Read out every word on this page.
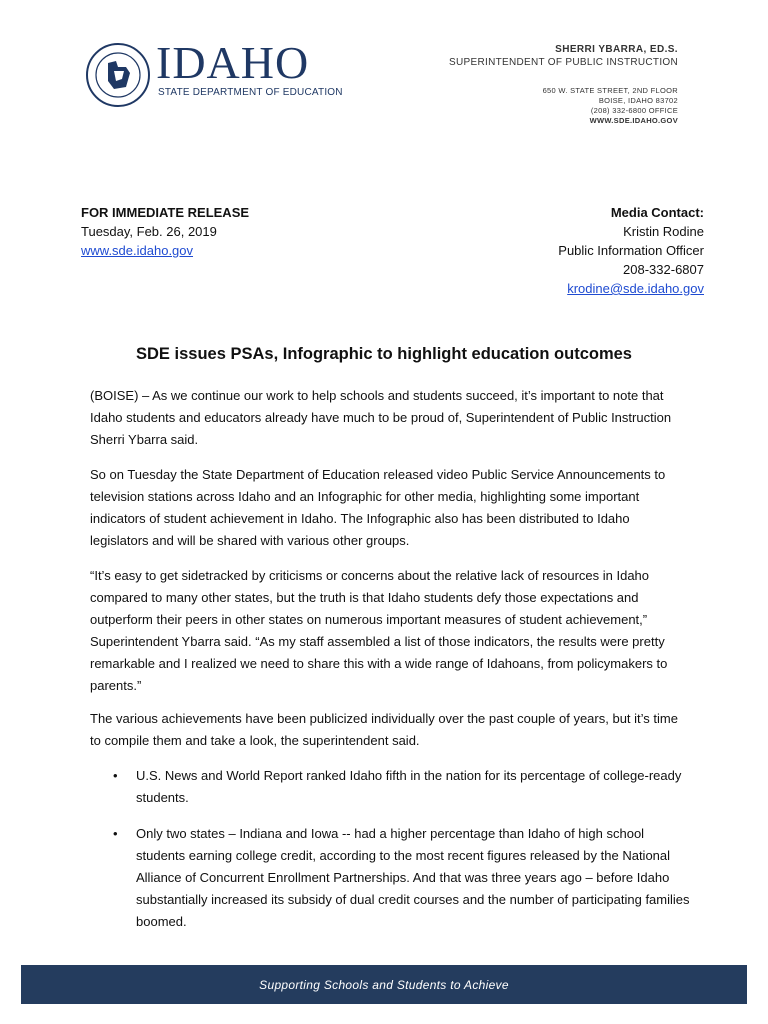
IDAHO
STATE DEPARTMENT OF EDUCATION
SHERRI YBARRA, ED.S.
SUPERINTENDENT OF PUBLIC INSTRUCTION
650 W. STATE STREET, 2ND FLOOR
BOISE, IDAHO 83702
(208) 332-6800 OFFICE
WWW.SDE.IDAHO.GOV
FOR IMMEDIATE RELEASE
Tuesday, Feb. 26, 2019
www.sde.idaho.gov
Media Contact:
Kristin Rodine
Public Information Officer
208-332-6807
krodine@sde.idaho.gov
SDE issues PSAs, Infographic to highlight education outcomes

(BOISE) – As we continue our work to help schools and students succeed, it’s important to note that Idaho students and educators already have much to be proud of, Superintendent of Public Instruction Sherri Ybarra said.

So on Tuesday the State Department of Education released video Public Service Announcements to television stations across Idaho and an Infographic for other media, highlighting some important indicators of student achievement in Idaho. The Infographic also has been distributed to Idaho legislators and will be shared with various other groups.

“It’s easy to get sidetracked by criticisms or concerns about the relative lack of resources in Idaho compared to many other states, but the truth is that Idaho students defy those expectations and outperform their peers in other states on numerous important measures of student achievement,” Superintendent Ybarra said. “As my staff assembled a list of those indicators, the results were pretty remarkable and I realized we need to share this with a wide range of Idahoans, from policymakers to parents.”

The various achievements have been publicized individually over the past couple of years, but it’s time to compile them and take a look, the superintendent said.

•	U.S. News and World Report ranked Idaho fifth in the nation for its percentage of college-ready students.
•	Only two states – Indiana and Iowa -- had a higher percentage than Idaho of high school students earning college credit, according to the most recent figures released by the National Alliance of Concurrent Enrollment Partnerships. And that was three years ago – before Idaho substantially increased its subsidy of dual credit courses and the number of participating families boomed.
Supporting Schools and Students to Achieve
